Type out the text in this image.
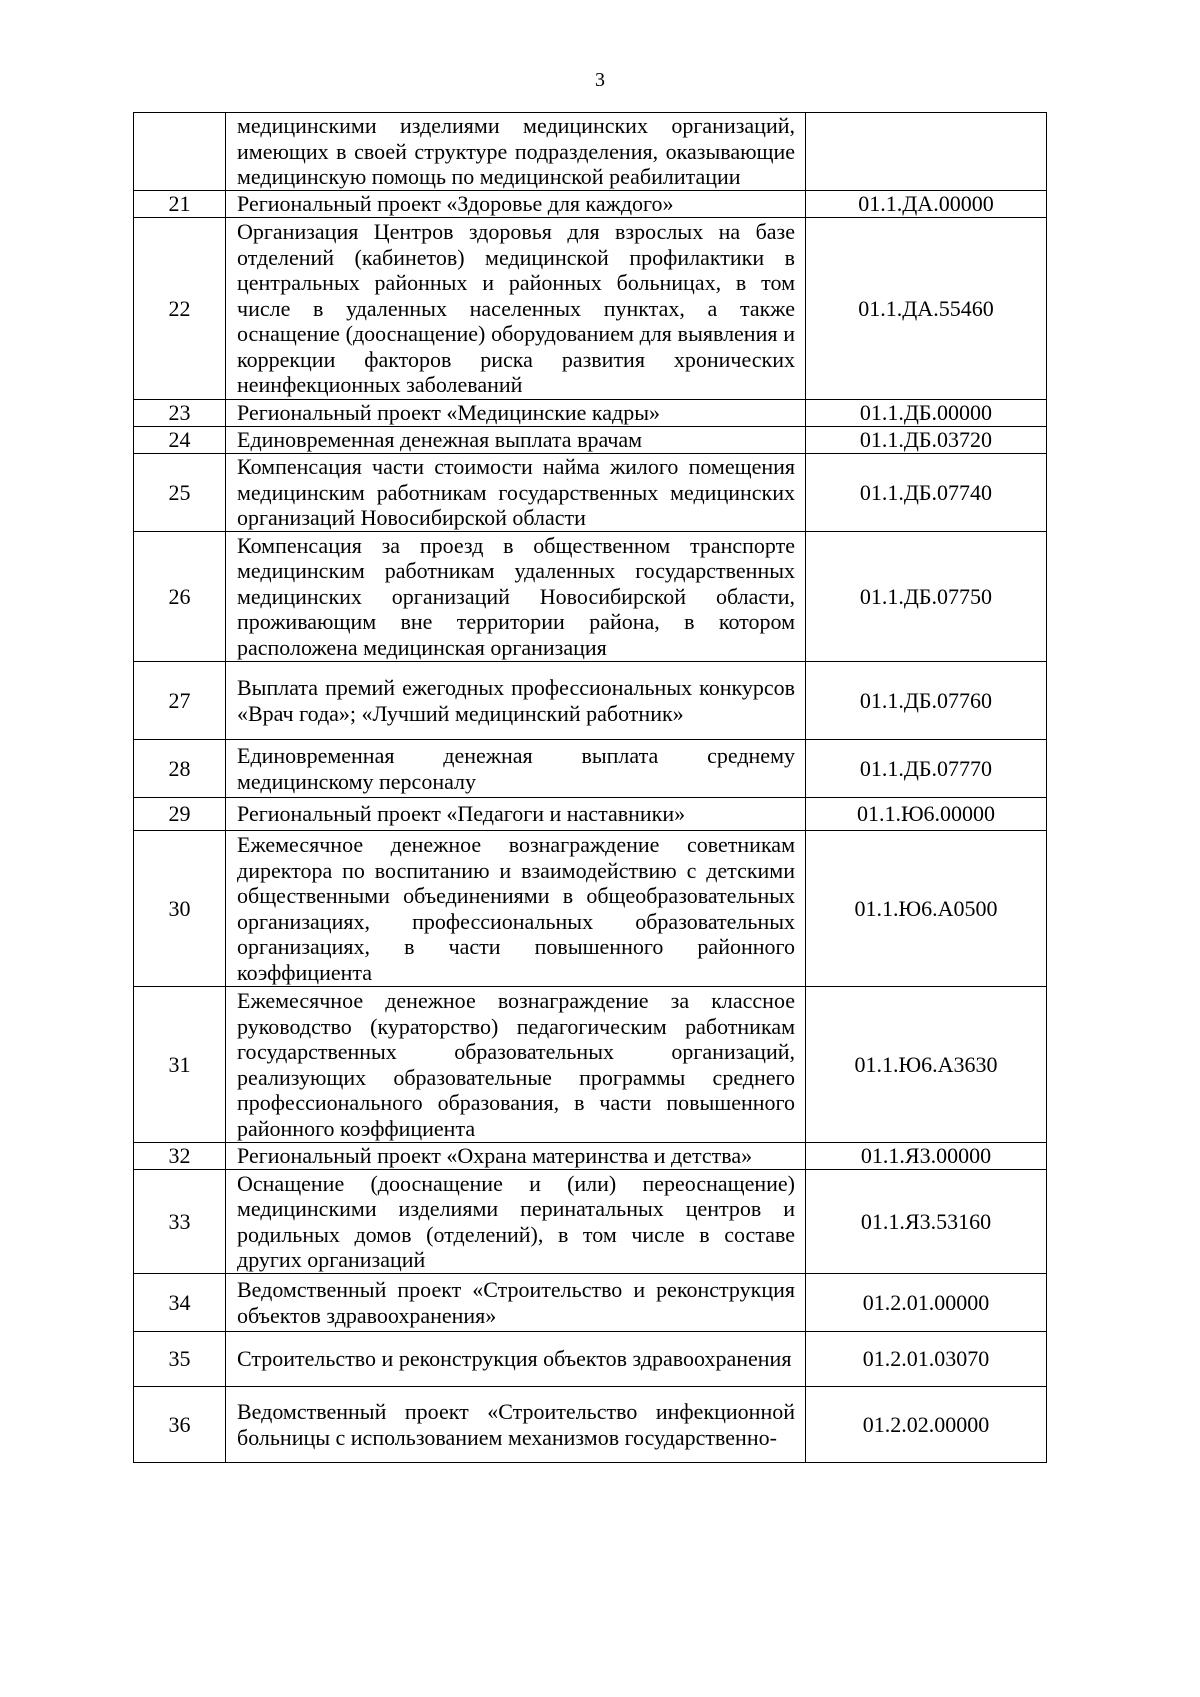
3
	медицинскими изделиями медицинских организаций, имеющих в своей структуре подразделения, оказывающие медицинскую помощь по медицинской реабилитации	
21	Региональный проект «Здоровье для каждого»	01.1.ДА.00000
22	Организация Центров здоровья для взрослых на базе отделений (кабинетов) медицинской профилактики в центральных районных и районных больницах, в том числе в удаленных населенных пунктах, а также оснащение (дооснащение) оборудованием для выявления и коррекции факторов риска развития хронических неинфекционных заболеваний	01.1.ДА.55460
23	Региональный проект «Медицинские кадры»	01.1.ДБ.00000
24	Единовременная денежная выплата врачам	01.1.ДБ.03720
25	Компенсация части стоимости найма жилого помещения медицинским работникам государственных медицинских организаций Новосибирской области	01.1.ДБ.07740
26	Компенсация за проезд в общественном транспорте медицинским работникам удаленных государственных медицинских организаций Новосибирской области, проживающим вне территории района, в котором расположена медицинская организация	01.1.ДБ.07750
27	Выплата премий ежегодных профессиональных конкурсов «Врач года»; «Лучший медицинский работник»	01.1.ДБ.07760
28	Единовременная денежная выплата среднему медицинскому персоналу	01.1.ДБ.07770
29	Региональный проект «Педагоги и наставники»	01.1.Ю6.00000
30	Ежемесячное денежное вознаграждение советникам директора по воспитанию и взаимодействию с детскими общественными объединениями в общеобразовательных организациях, профессиональных образовательных организациях, в части повышенного районного коэффициента	01.1.Ю6.А0500
31	Ежемесячное денежное вознаграждение за классное руководство (кураторство) педагогическим работникам государственных образовательных организаций, реализующих образовательные программы среднего профессионального образования, в части повышенного районного коэффициента	01.1.Ю6.А3630
32	Региональный проект «Охрана материнства и детства»	01.1.Я3.00000
33	Оснащение (дооснащение и (или) переоснащение) медицинскими изделиями перинатальных центров и родильных домов (отделений), в том числе в составе других организаций	01.1.Я3.53160
34	Ведомственный проект «Строительство и реконструкция объектов здравоохранения»	01.2.01.00000
35	Строительство и реконструкция объектов здравоохранения	01.2.01.03070
36	Ведомственный проект «Строительство инфекционной больницы с использованием механизмов государственно-	01.2.02.00000
